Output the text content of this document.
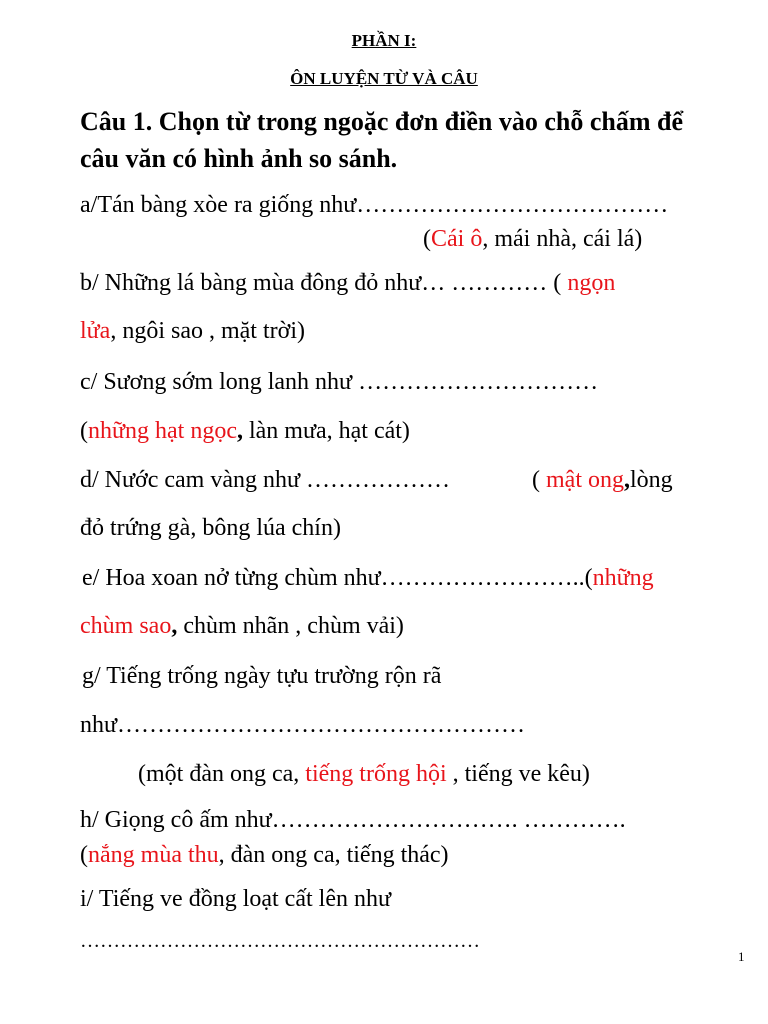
PHẦN I:
ÔN LUYỆN TỪ VÀ CÂU
Câu 1. Chọn từ trong ngoặc đơn điền vào chỗ chấm để
câu văn có hình ảnh so sánh.
a/Tán bàng xòe ra giống như…………………………………
(Cái ô, mái nhà, cái lá)
b/ Những lá bàng mùa đông đỏ như… ………… ( ngọn
lửa, ngôi sao , mặt trời)
c/ Sương sớm long lanh như …………………………
(những hạt ngọc, làn mưa, hạt cát)
d/ Nước cam vàng như ………………	( mật ong,lòng
đỏ trứng gà, bông lúa chín)
e/ Hoa xoan nở từng chùm như……………………..(những
chùm sao, chùm nhãn , chùm vải)
g/ Tiếng trống ngày tựu trường rộn rã
như……………………………………………
(một đàn ong ca, tiếng trống hội , tiếng ve kêu)
h/ Giọng cô ấm như…………………………. ………….
(nắng mùa thu, đàn ong ca, tiếng thác)
i/ Tiếng ve đồng loạt cất lên như
……………………………………………………
1
